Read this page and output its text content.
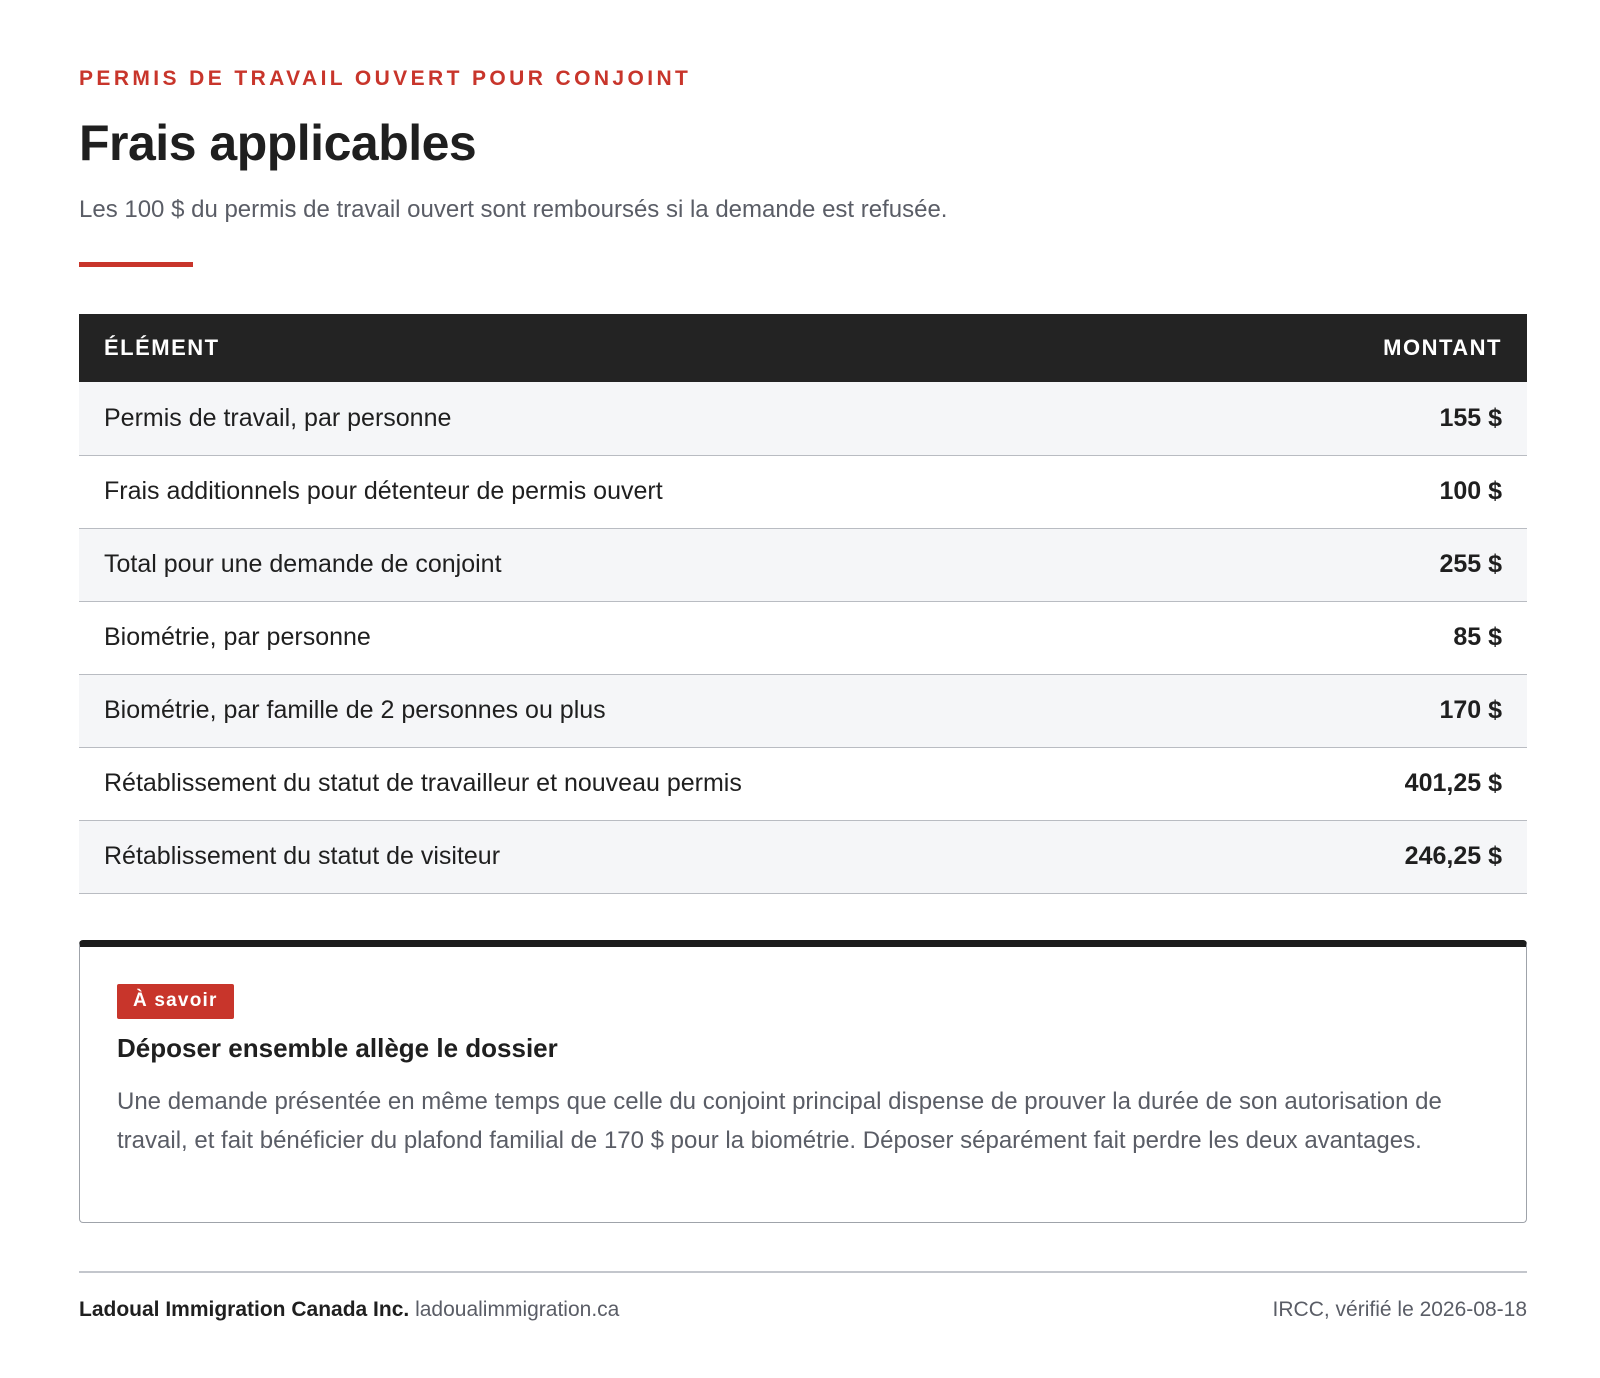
PERMIS DE TRAVAIL OUVERT POUR CONJOINT
Frais applicables

Les 100 $ du permis de travail ouvert sont remboursés si la demande est refusée.

ÉLÉMENT	MONTANT
Permis de travail, par personne	155 $
Frais additionnels pour détenteur de permis ouvert	100 $
Total pour une demande de conjoint	255 $
Biométrie, par personne	85 $
Biométrie, par famille de 2 personnes ou plus	170 $
Rétablissement du statut de travailleur et nouveau permis	401,25 $
Rétablissement du statut de visiteur	246,25 $
À savoir
Déposer ensemble allège le dossier

Une demande présentée en même temps que celle du conjoint principal dispense de prouver la durée de son autorisation de travail, et fait bénéficier du plafond familial de 170 $ pour la biométrie. Déposer séparément fait perdre les deux avantages.

Ladoual Immigration Canada Inc. ladoualimmigration.ca	IRCC, vérifié le 2026-08-18
